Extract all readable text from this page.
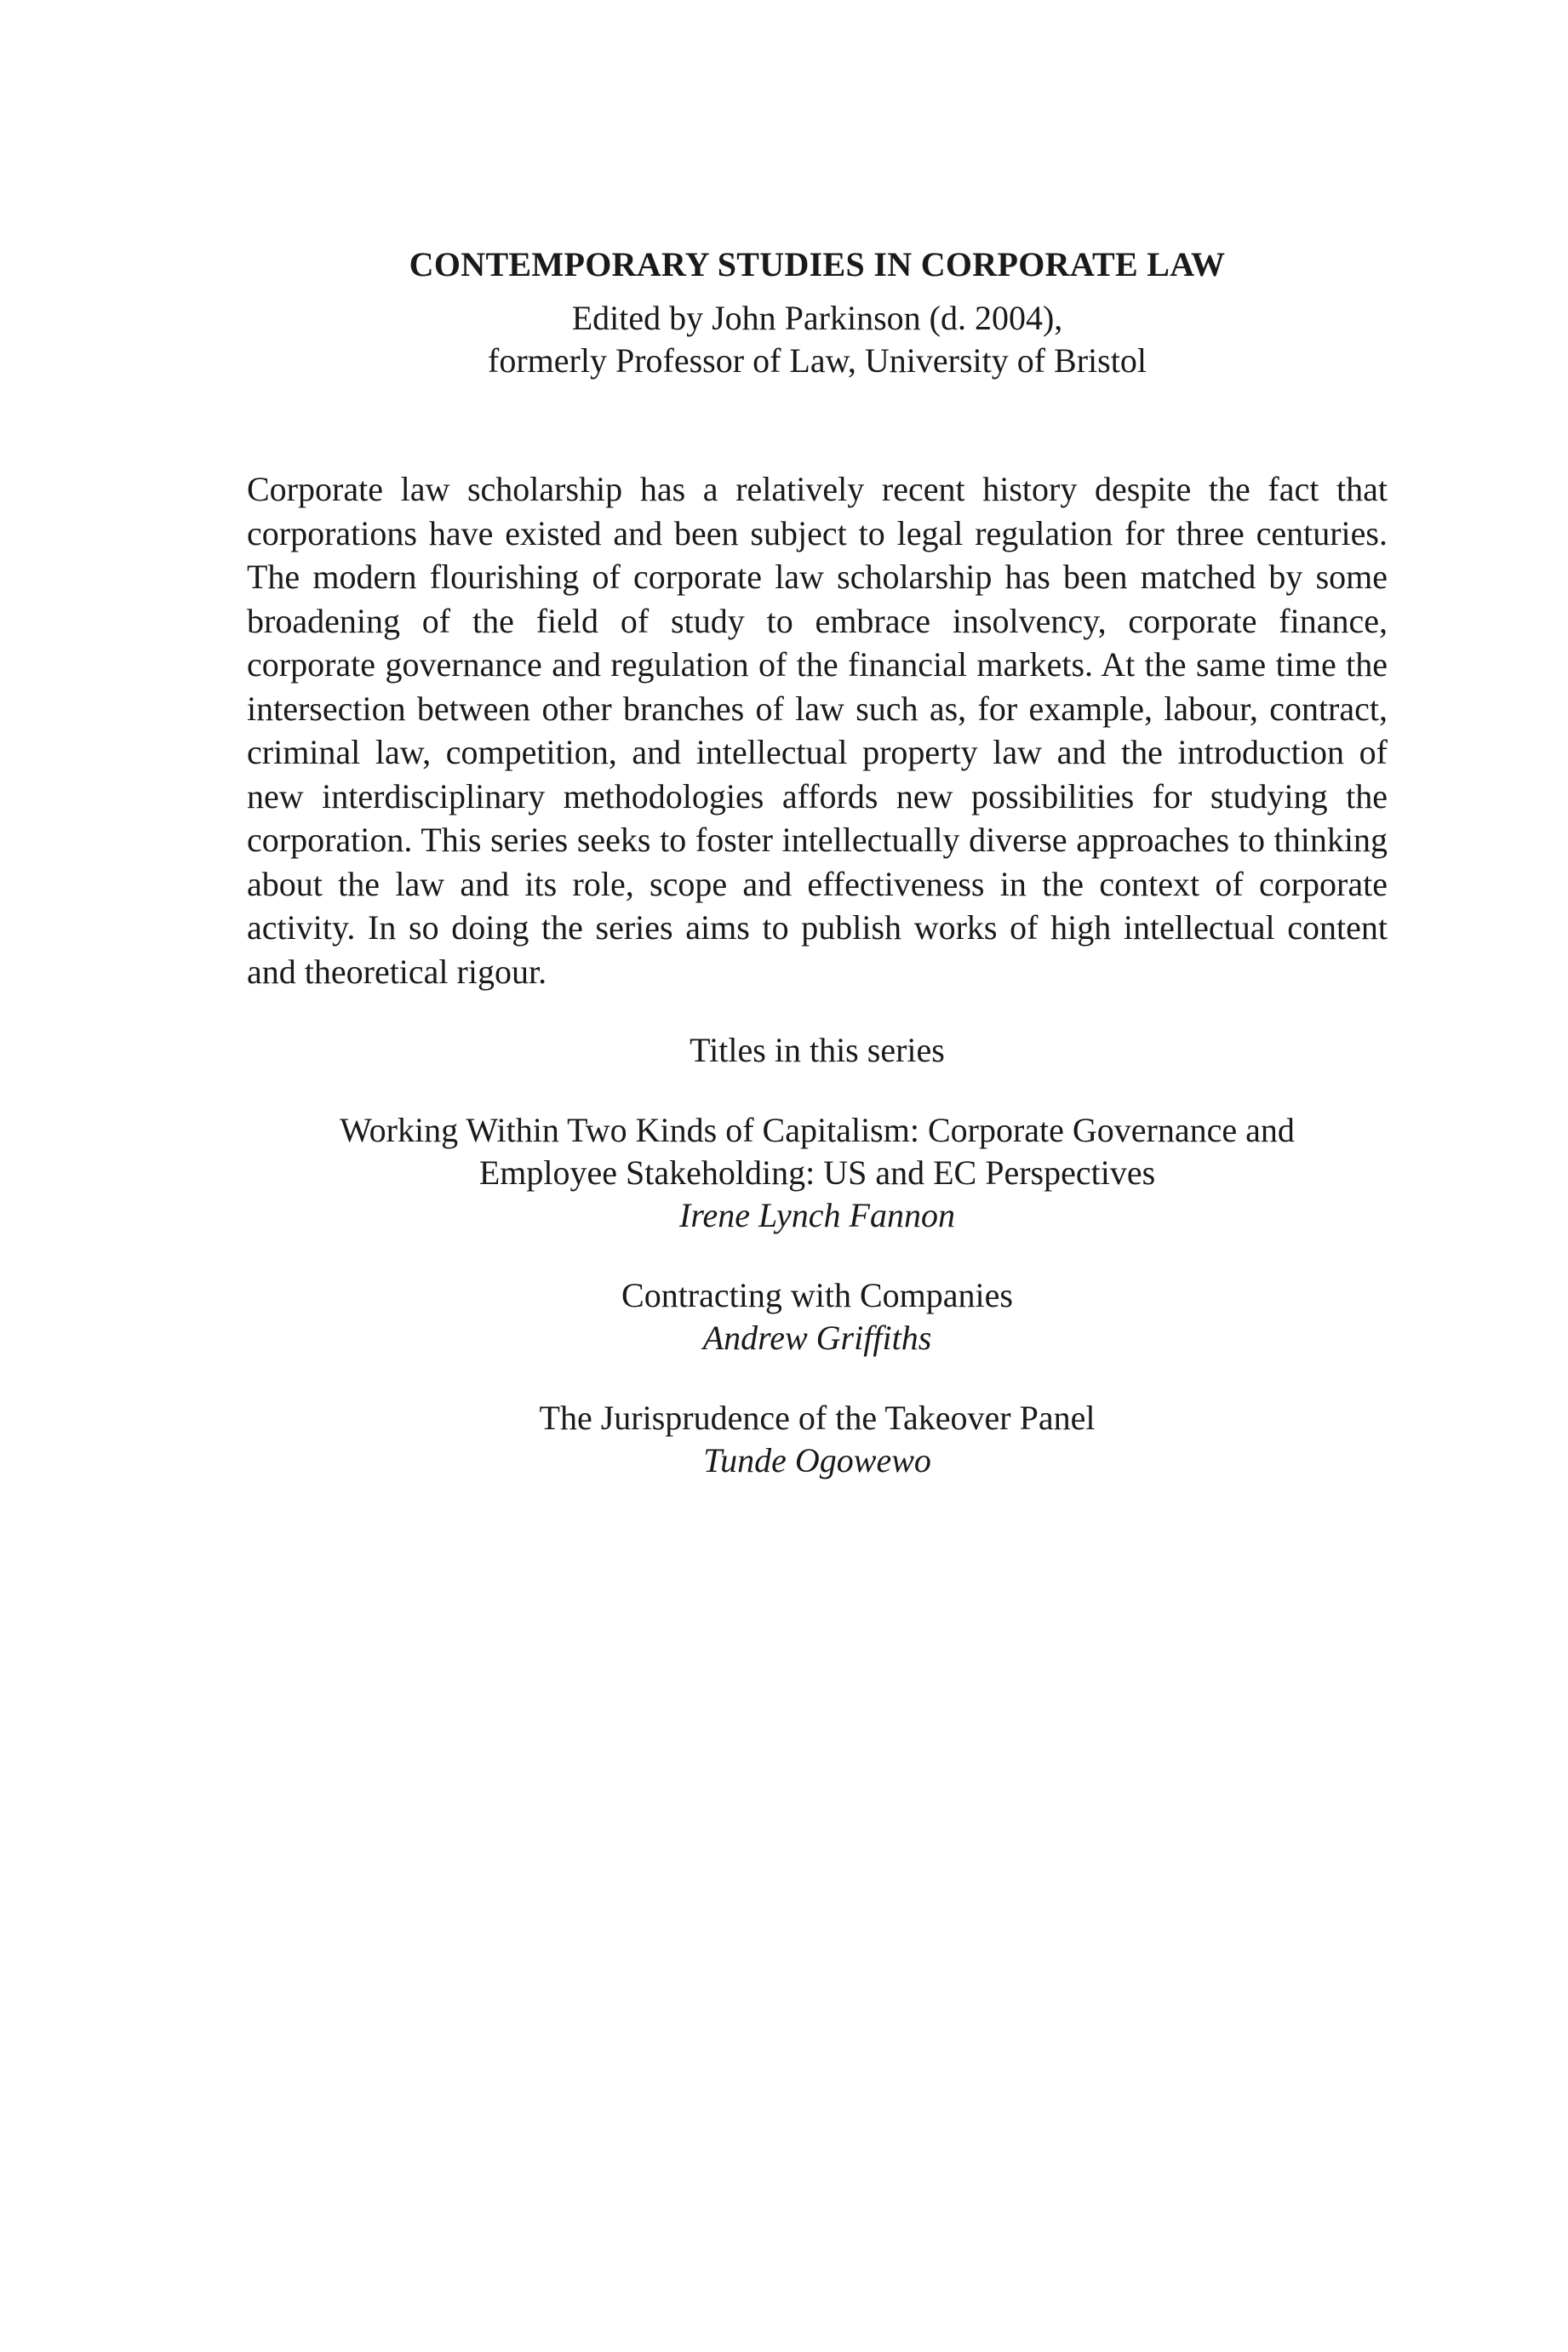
CONTEMPORARY STUDIES IN CORPORATE LAW

Edited by John Parkinson (d. 2004),
formerly Professor of Law, University of Bristol

Corporate law scholarship has a relatively recent history despite the fact that corporations have existed and been subject to legal regulation for three centuries. The modern flourishing of corporate law scholarship has been matched by some broadening of the field of study to embrace insolvency, corporate finance, corporate governance and regulation of the financial markets. At the same time the intersection between other branches of law such as, for example, labour, contract, criminal law, competition, and intellectual property law and the introduction of new interdisciplinary methodologies affords new possibilities for studying the corporation. This series seeks to foster intellectually diverse approaches to thinking about the law and its role, scope and effectiveness in the context of corporate activity. In so doing the series aims to publish works of high intellectual content and theoretical rigour.

Titles in this series

Working Within Two Kinds of Capitalism: Corporate Governance and
Employee Stakeholding: US and EC Perspectives
Irene Lynch Fannon
Contracting with Companies
Andrew Griffiths
The Jurisprudence of the Takeover Panel
Tunde Ogowewo
